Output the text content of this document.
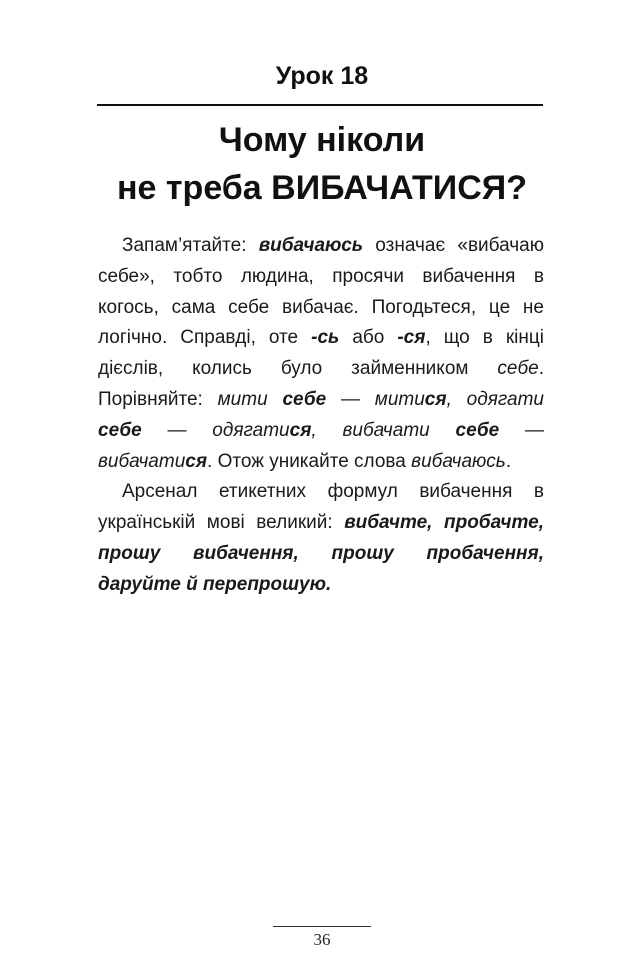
Урок 18
Чому ніколи
не треба ВИБАЧАТИСЯ?

Запам’ятайте: вибачаюсь означає «вибачаю себе», тобто людина, просячи вибачення в когось, сама себе вибачає. Погодьтеся, це не логічно. Справді, оте -сь або -ся, що в кінці дієслів, колись було займенником себе. Порівняйте: мити себе — митися, одягати себе — одягатися, вибачати себе — вибачатися. Отож уникайте слова вибачаюсь.

Арсенал етикетних формул вибачення в українській мові великий: вибачте, пробачте, прошу вибачення, прошу пробачення, даруйте й перепрошую.

36
